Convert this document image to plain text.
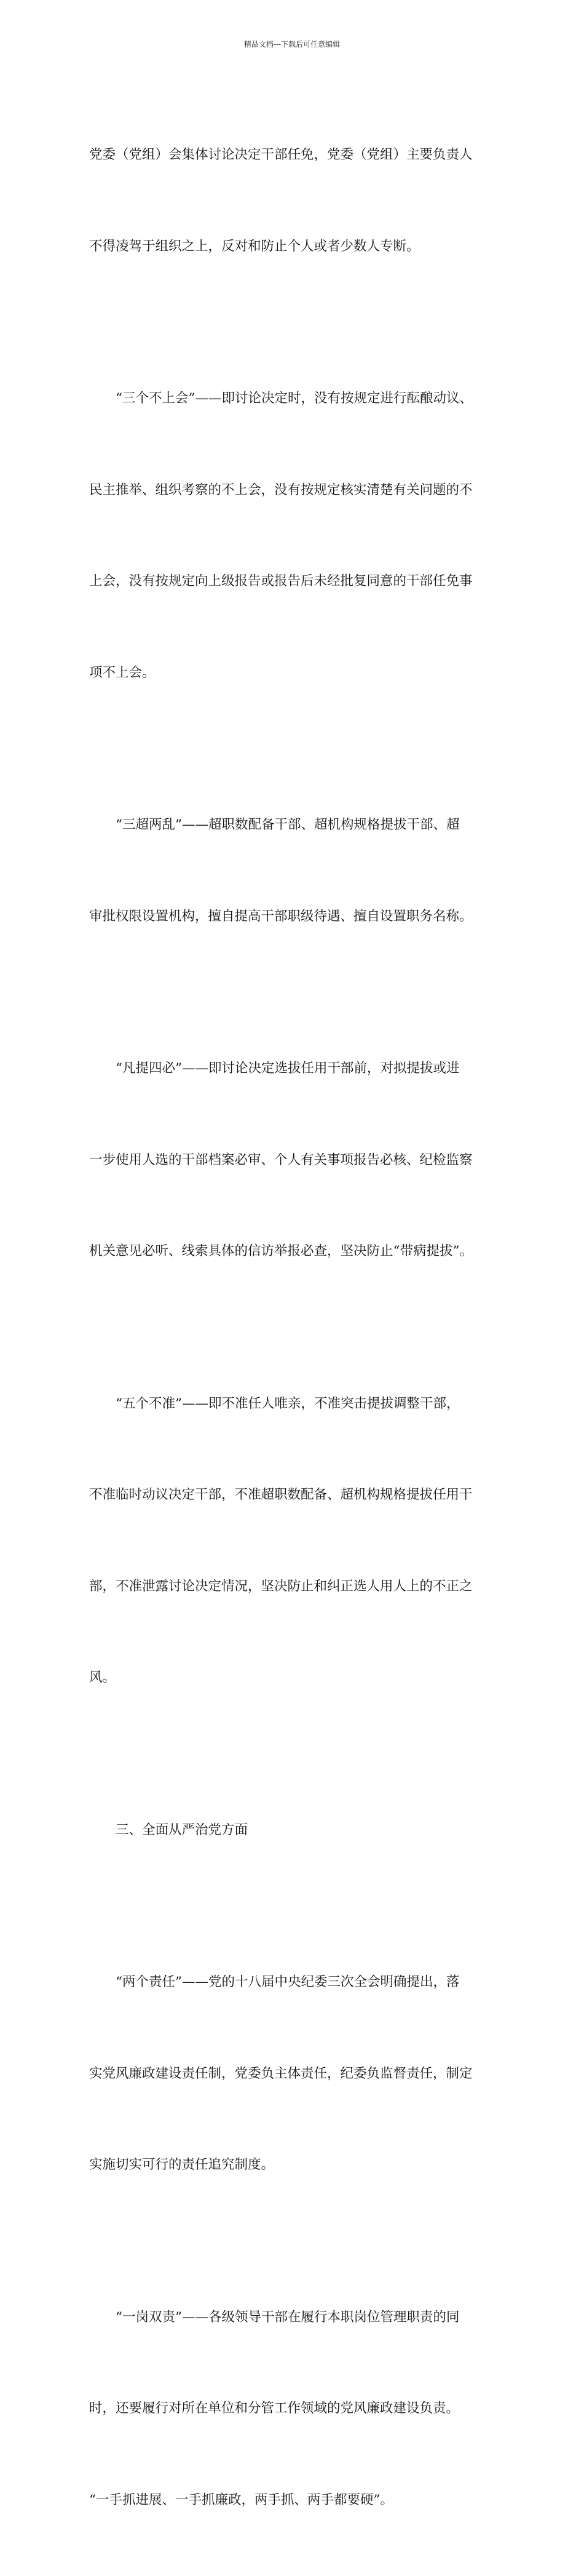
精品文档---下载后可任意编辑

党委（党组）会集体讨论决定干部任免，党委（党组）主要负责人

不得凌驾于组织之上，反对和防止个人或者少数人专断。

“三个不上会”——即讨论决定时，没有按规定进行酝酿动议、

民主推举、组织考察的不上会，没有按规定核实清楚有关问题的不

上会，没有按规定向上级报告或报告后未经批复同意的干部任免事

项不上会。

“三超两乱”——超职数配备干部、超机构规格提拔干部、超

审批权限设置机构，擅自提高干部职级待遇、擅自设置职务名称。

“凡提四必”——即讨论决定选拔任用干部前，对拟提拔或进

一步使用人选的干部档案必审、个人有关事项报告必核、纪检监察

机关意见必听、线索具体的信访举报必查，坚决防止“带病提拔”。

“五个不准”——即不准任人唯亲，不准突击提拔调整干部，

不准临时动议决定干部，不准超职数配备、超机构规格提拔任用干

部，不准泄露讨论决定情况，坚决防止和纠正选人用人上的不正之

风。

三、全面从严治党方面

“两个责任”——党的十八届中央纪委三次全会明确提出，落

实党风廉政建设责任制，党委负主体责任，纪委负监督责任，制定

实施切实可行的责任追究制度。

“一岗双责”——各级领导干部在履行本职岗位管理职责的同

时，还要履行对所在单位和分管工作领域的党风廉政建设负责。

“一手抓进展、一手抓廉政，两手抓、两手都要硬”。
